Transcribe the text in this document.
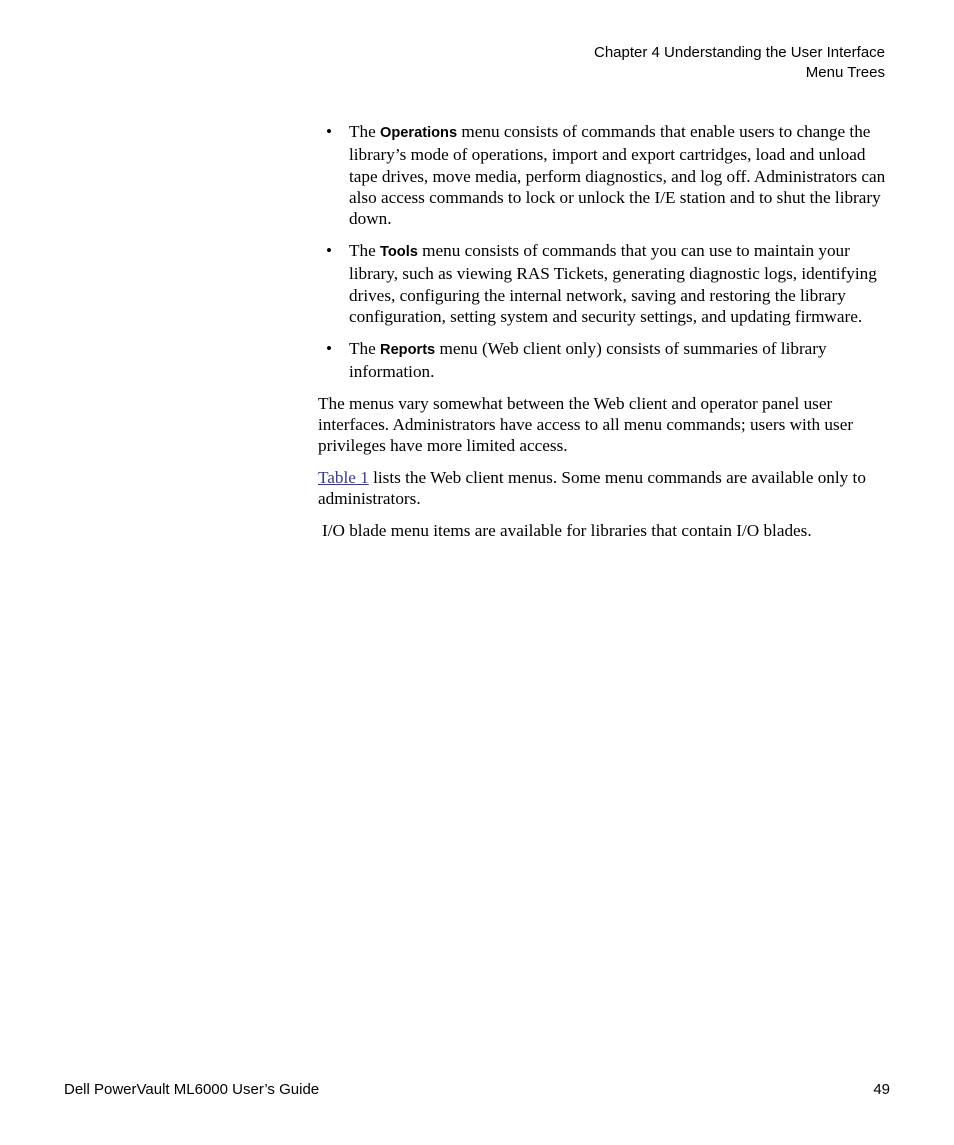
Chapter 4 Understanding the User Interface
Menu Trees
• The Operations menu consists of commands that enable users to change the library’s mode of operations, import and export cartridges, load and unload tape drives, move media, perform diagnostics, and log off. Administrators can also access commands to lock or unlock the I/E station and to shut the library down.
• The Tools menu consists of commands that you can use to maintain your library, such as viewing RAS Tickets, generating diagnostic logs, identifying drives, configuring the internal network, saving and restoring the library configuration, setting system and security settings, and updating firmware.
• The Reports menu (Web client only) consists of summaries of library information.

The menus vary somewhat between the Web client and operator panel user interfaces. Administrators have access to all menu commands; users with user privileges have more limited access.

Table 1 lists the Web client menus. Some menu commands are available only to administrators.

I/O blade menu items are available for libraries that contain I/O blades.

Dell PowerVault ML6000 User’s Guide	49
